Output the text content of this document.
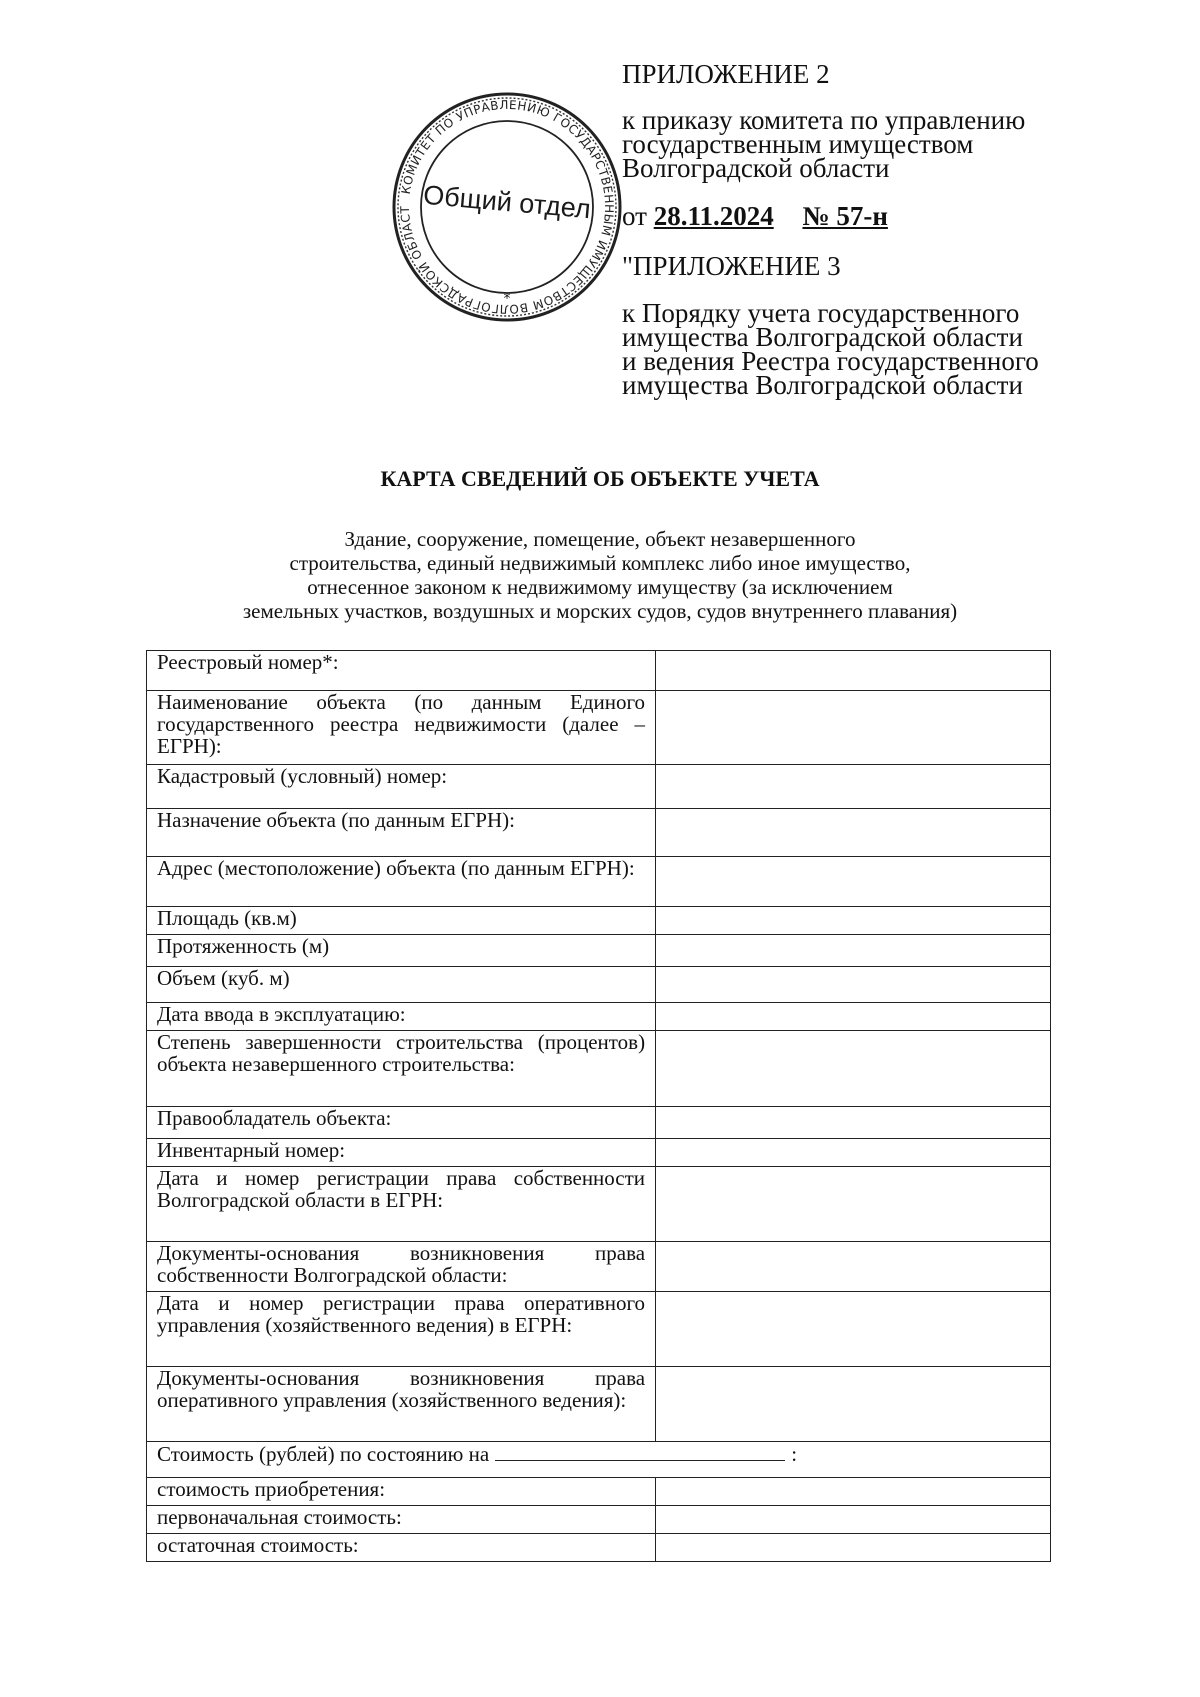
КОМИТЕТ ПО УПРАВЛЕНИЮ ГОСУДАРСТВЕННЫМ ИМУЩЕСТВОМ ВОЛГОГРАДСКОЙ ОБЛАСТ
*
Общий отдел

ПРИЛОЖЕНИЕ 2

к приказу комитета по управлению
государственным имуществом
Волгоградской области

от 28.11.2024 № 57-н

"ПРИЛОЖЕНИЕ 3

к Порядку учета государственного
имущества Волгоградской области
и ведения Реестра государственного
имущества Волгоградской области

КАРТА СВЕДЕНИЙ ОБ ОБЪЕКТЕ УЧЕТА

Здание, сооружение, помещение, объект незавершенного
строительства, единый недвижимый комплекс либо иное имущество,
отнесенное законом к недвижимому имуществу (за исключением
земельных участков, воздушных и морских судов, судов внутреннего плавания)

Реестровый номер*:	
Наименование объекта (по данным Единого государственного реестра недвижимости (далее – ЕГРН):	
Кадастровый (условный) номер:	
Назначение объекта (по данным ЕГРН):	
Адрес (местоположение) объекта (по данным ЕГРН):	
Площадь (кв.м)	
Протяженность (м)	
Объем (куб. м)	
Дата ввода в эксплуатацию:	
Степень завершенности строительства (процентов) объекта незавершенного строительства:	
Правообладатель объекта:	
Инвентарный номер:	
Дата и номер регистрации права собственности Волгоградской области в ЕГРН:	
Документы-основания возникновения права собственности Волгоградской области:	
Дата и номер регистрации права оперативного управления (хозяйственного ведения) в ЕГРН:	
Документы-основания возникновения права оперативного управления (хозяйственного ведения):	
Стоимость (рублей) по состоянию на :	
стоимость приобретения:	
первоначальная стоимость:	
остаточная стоимость:	
